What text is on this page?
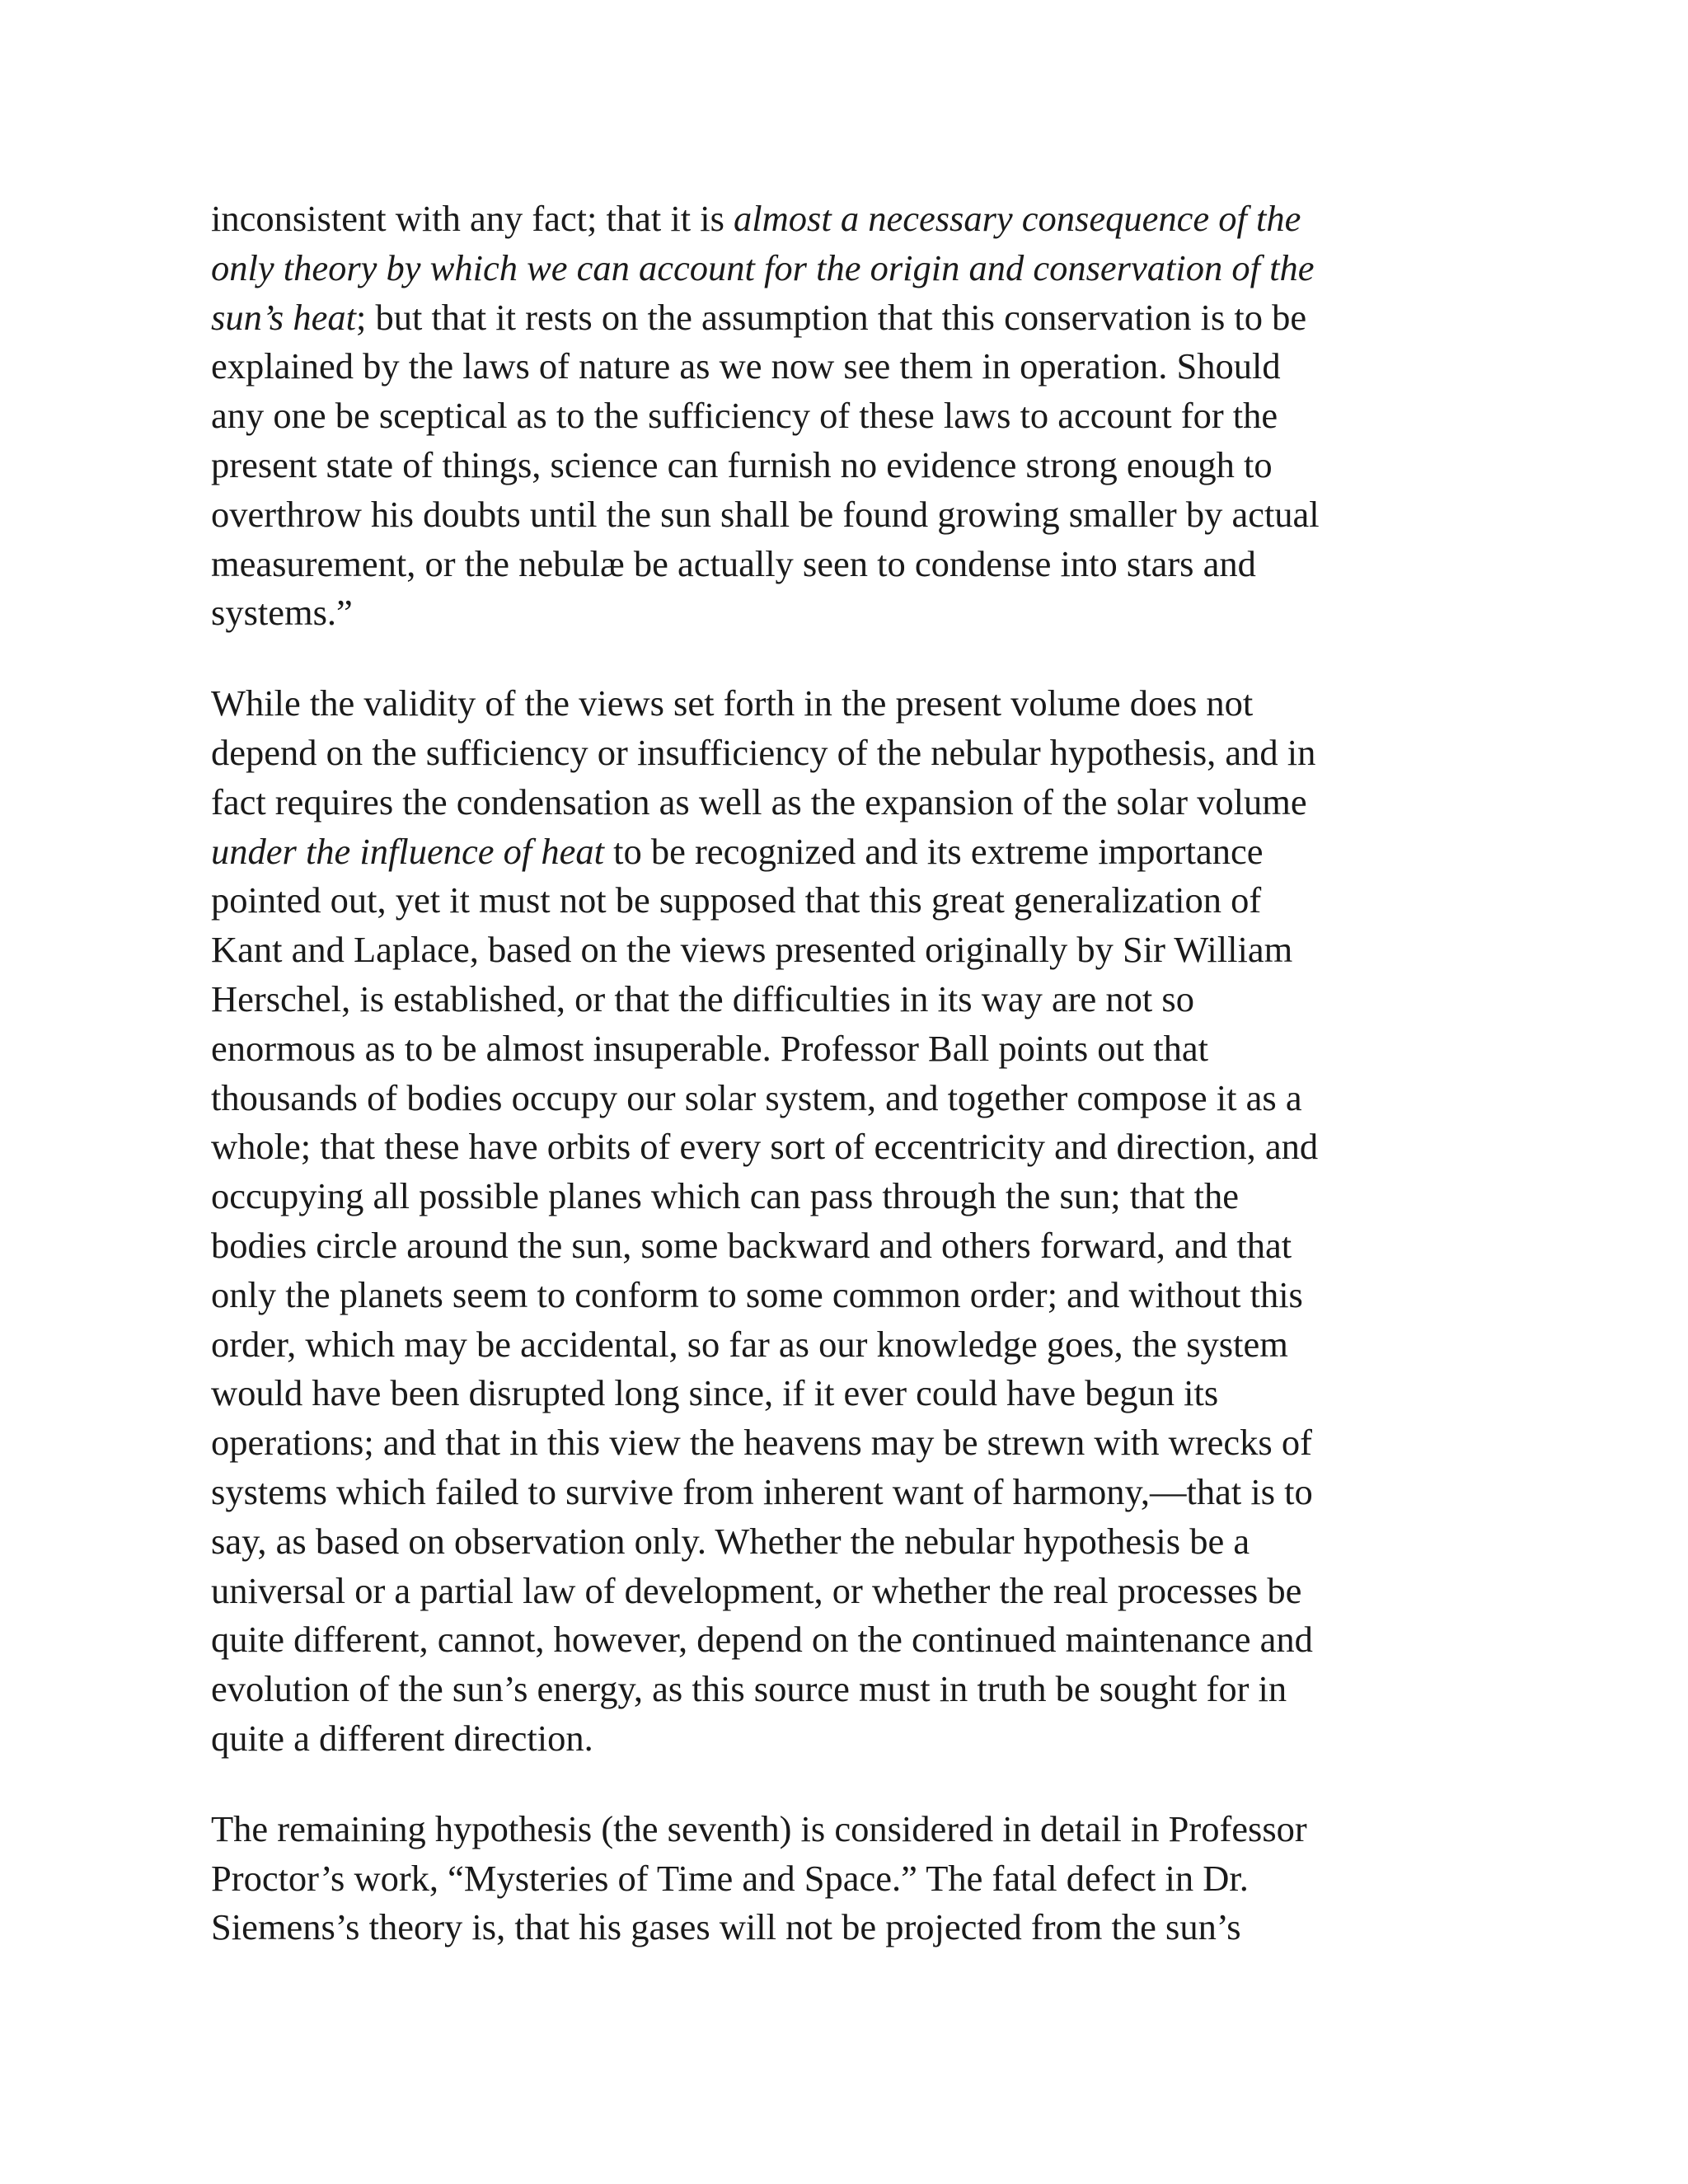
inconsistent with any fact; that it is almost a necessary consequence of the
only theory by which we can account for the origin and conservation of the
sun’s heat; but that it rests on the assumption that this conservation is to be
explained by the laws of nature as we now see them in operation. Should
any one be sceptical as to the sufficiency of these laws to account for the
present state of things, science can furnish no evidence strong enough to
overthrow his doubts until the sun shall be found growing smaller by actual
measurement, or the nebulæ be actually seen to condense into stars and
systems.”

While the validity of the views set forth in the present volume does not
depend on the sufficiency or insufficiency of the nebular hypothesis, and in
fact requires the condensation as well as the expansion of the solar volume
under the influence of heat to be recognized and its extreme importance
pointed out, yet it must not be supposed that this great generalization of
Kant and Laplace, based on the views presented originally by Sir William
Herschel, is established, or that the difficulties in its way are not so
enormous as to be almost insuperable. Professor Ball points out that
thousands of bodies occupy our solar system, and together compose it as a
whole; that these have orbits of every sort of eccentricity and direction, and
occupying all possible planes which can pass through the sun; that the
bodies circle around the sun, some backward and others forward, and that
only the planets seem to conform to some common order; and without this
order, which may be accidental, so far as our knowledge goes, the system
would have been disrupted long since, if it ever could have begun its
operations; and that in this view the heavens may be strewn with wrecks of
systems which failed to survive from inherent want of harmony,—that is to
say, as based on observation only. Whether the nebular hypothesis be a
universal or a partial law of development, or whether the real processes be
quite different, cannot, however, depend on the continued maintenance and
evolution of the sun’s energy, as this source must in truth be sought for in
quite a different direction.

The remaining hypothesis (the seventh) is considered in detail in Professor
Proctor’s work, “Mysteries of Time and Space.” The fatal defect in Dr.
Siemens’s theory is, that his gases will not be projected from the sun’s
